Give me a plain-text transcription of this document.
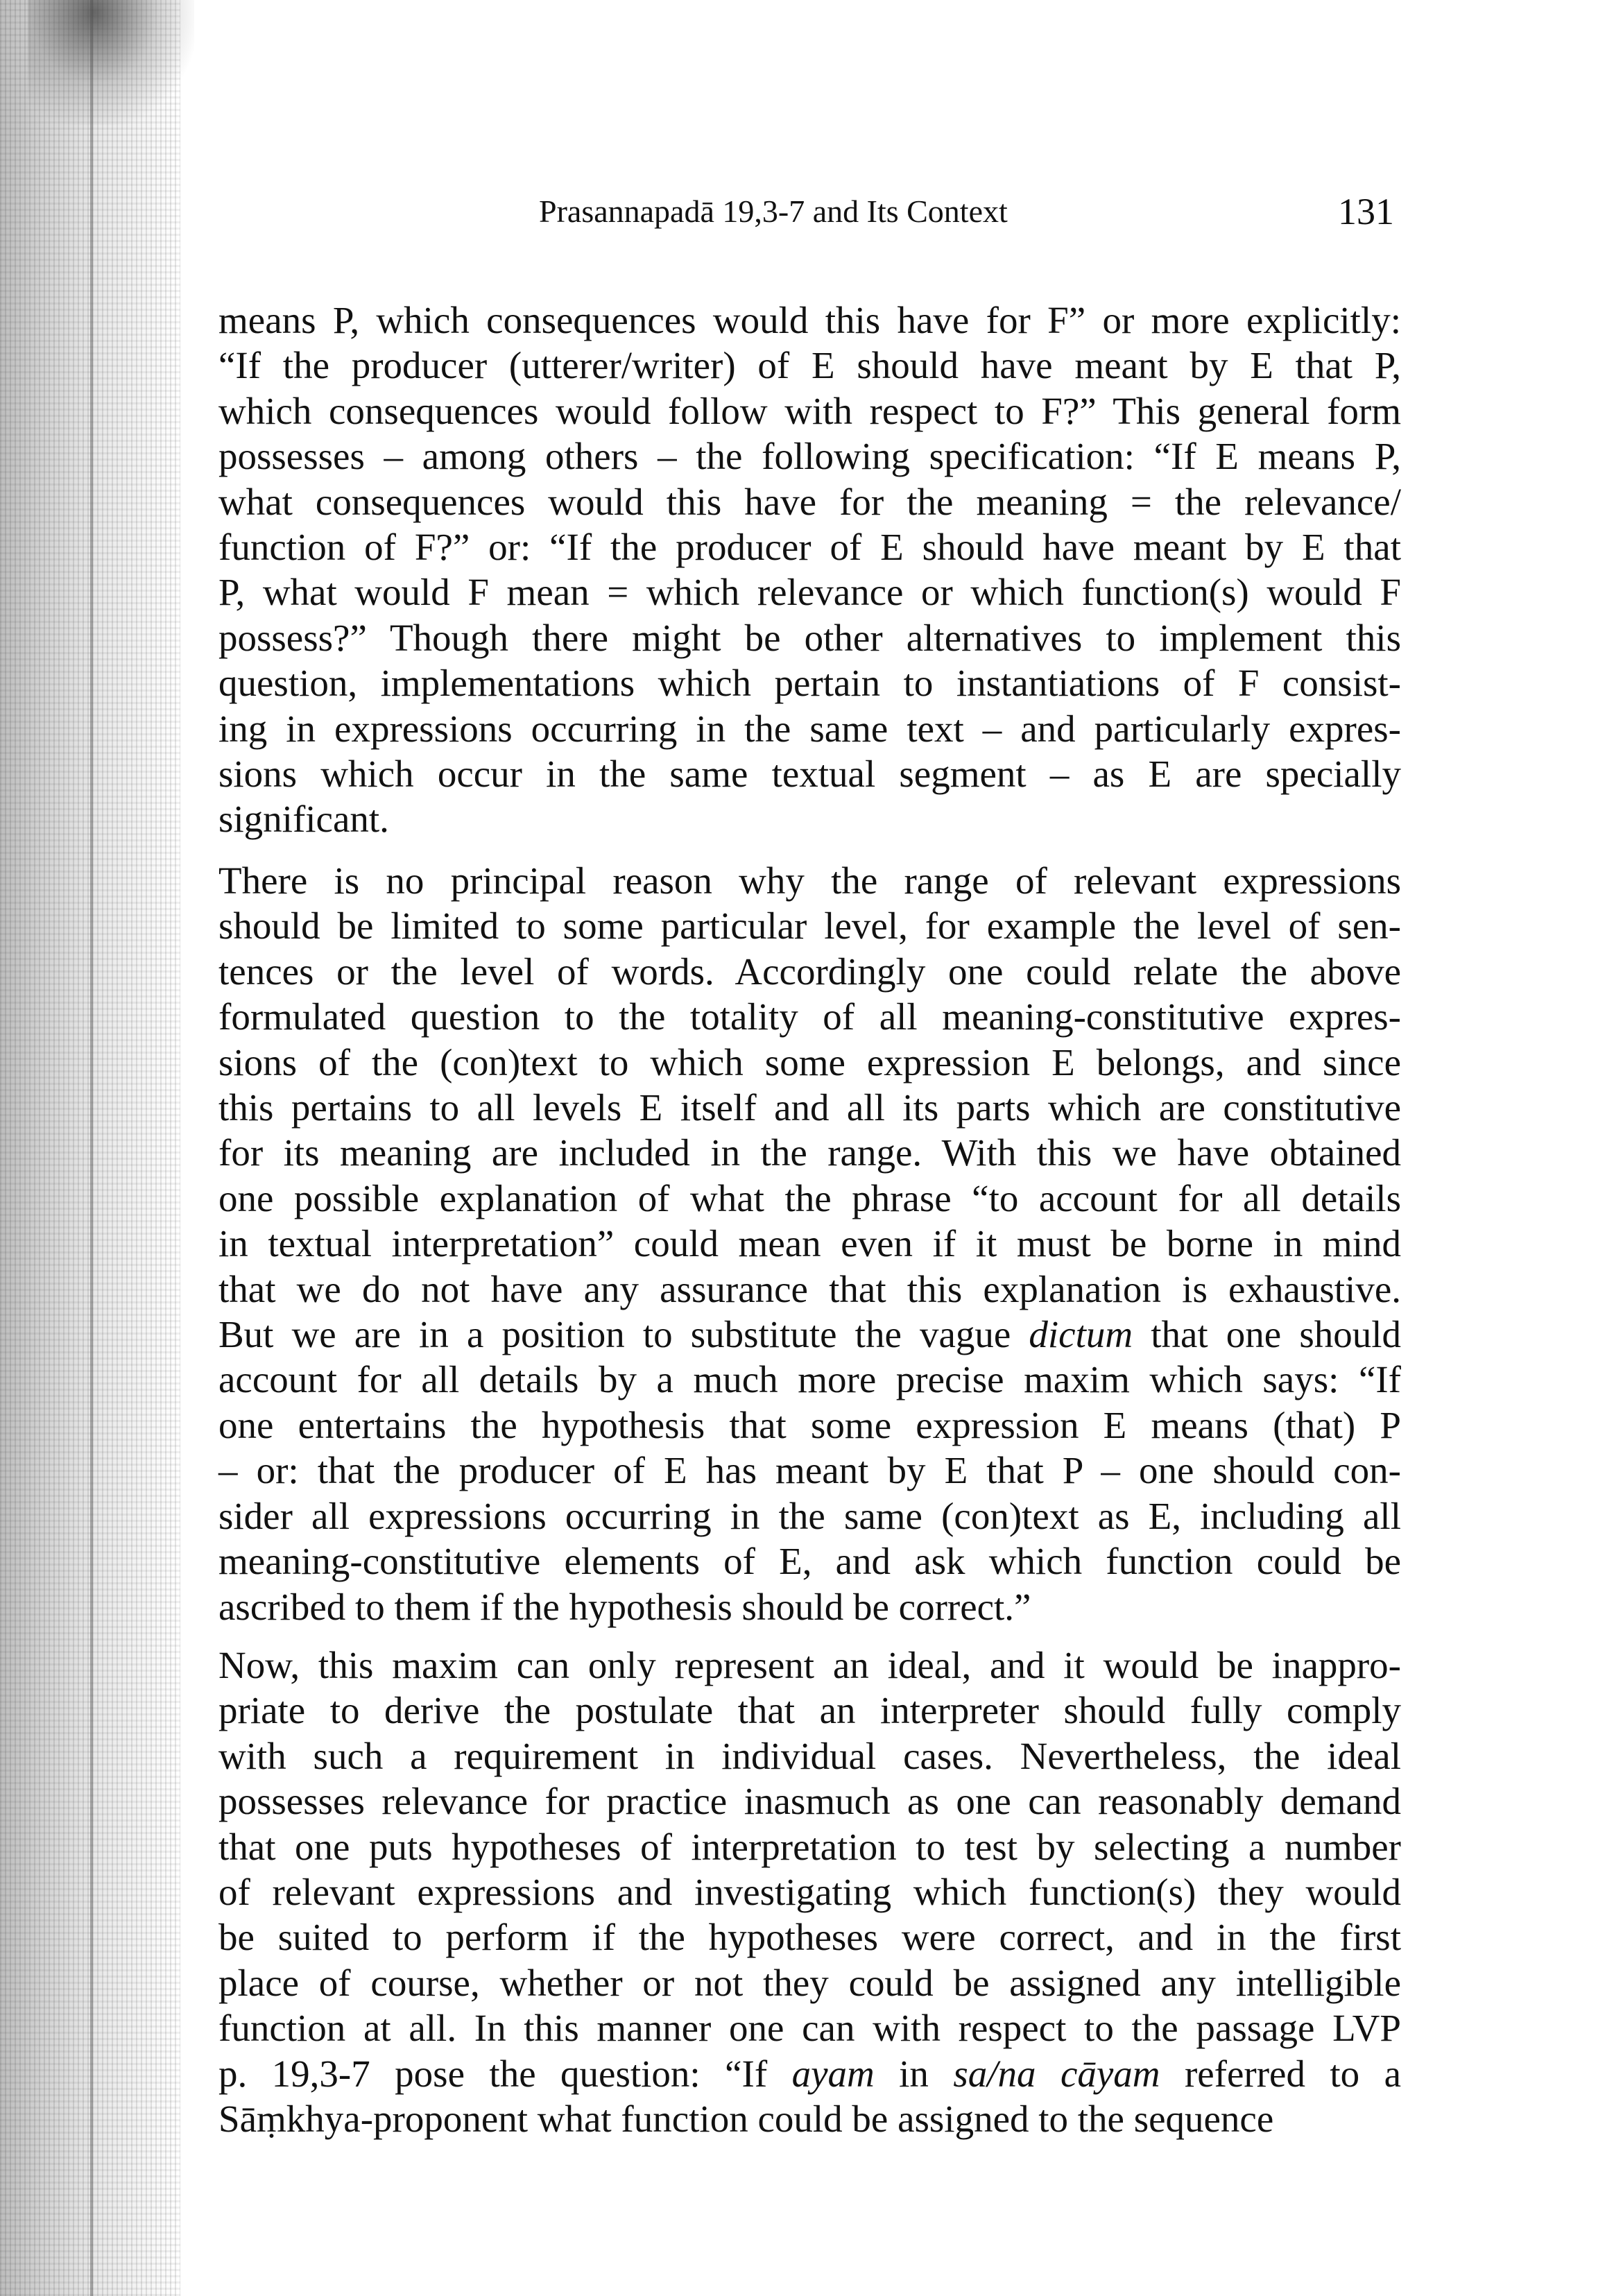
Prasannapadā 19,3-7 and Its Context	131
means P, which consequences would this have for F” or more explicitly:
“If the producer (utterer/writer) of E should have meant by E that P,
which consequences would follow with respect to F?” This general form
possesses – among others – the following specification: “If E means P,
what consequences would this have for the meaning = the relevance/
function of F?” or: “If the producer of E should have meant by E that
P, what would F mean = which relevance or which function(s) would F
possess?” Though there might be other alternatives to implement this
question, implementations which pertain to instantiations of F consist-
ing in expressions occurring in the same text – and particularly expres-
sions which occur in the same textual segment – as E are specially
significant.
There is no principal reason why the range of relevant expressions
should be limited to some particular level, for example the level of sen-
tences or the level of words. Accordingly one could relate the above
formulated question to the totality of all meaning-constitutive expres-
sions of the (con)text to which some expression E belongs, and since
this pertains to all levels E itself and all its parts which are constitutive
for its meaning are included in the range. With this we have obtained
one possible explanation of what the phrase “to account for all details
in textual interpretation” could mean even if it must be borne in mind
that we do not have any assurance that this explanation is exhaustive.
But we are in a position to substitute the vague dictum that one should
account for all details by a much more precise maxim which says: “If
one entertains the hypothesis that some expression E means (that) P
– or: that the producer of E has meant by E that P – one should con-
sider all expressions occurring in the same (con)text as E, including all
meaning-constitutive elements of E, and ask which function could be
ascribed to them if the hypothesis should be correct.”
Now, this maxim can only represent an ideal, and it would be inappro-
priate to derive the postulate that an interpreter should fully comply
with such a requirement in individual cases. Nevertheless, the ideal
possesses relevance for practice inasmuch as one can reasonably demand
that one puts hypotheses of interpretation to test by selecting a number
of relevant expressions and investigating which function(s) they would
be suited to perform if the hypotheses were correct, and in the first
place of course, whether or not they could be assigned any intelligible
function at all. In this manner one can with respect to the passage LVP
p. 19,3-7 pose the question: “If ayam in sa/na cāyam referred to a
Sāṃkhya-proponent what function could be assigned to the sequence
